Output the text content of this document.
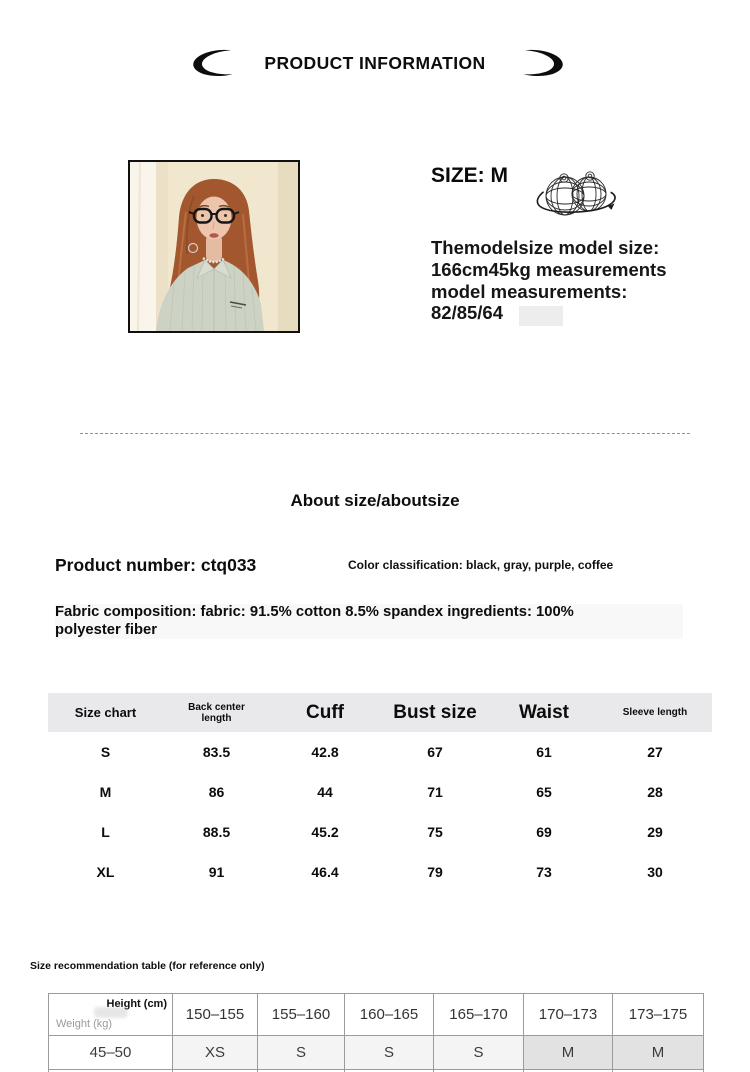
PRODUCT INFORMATION
SIZE: M
Themodelsize model size:
166cm45kg measurements
model measurements:
82/85/64
About size/aboutsize
Product number: ctq033	Color classification: black, gray, purple, coffee
Fabric composition: fabric: 91.5% cotton 8.5% spandex ingredients: 100%
polyester fiber
Size chart	Back center length	Cuff	Bust size	Waist	Sleeve length
S	83.5	42.8	67	61	27
M	86	44	71	65	28
L	88.5	45.2	75	69	29
XL	91	46.4	79	73	30
Size recommendation table (for reference only)
Height (cm)
Weight (kg)
150–155	155–160	160–165	165–170	170–173	173–175
45–50	XS	S	S	S	M	M
